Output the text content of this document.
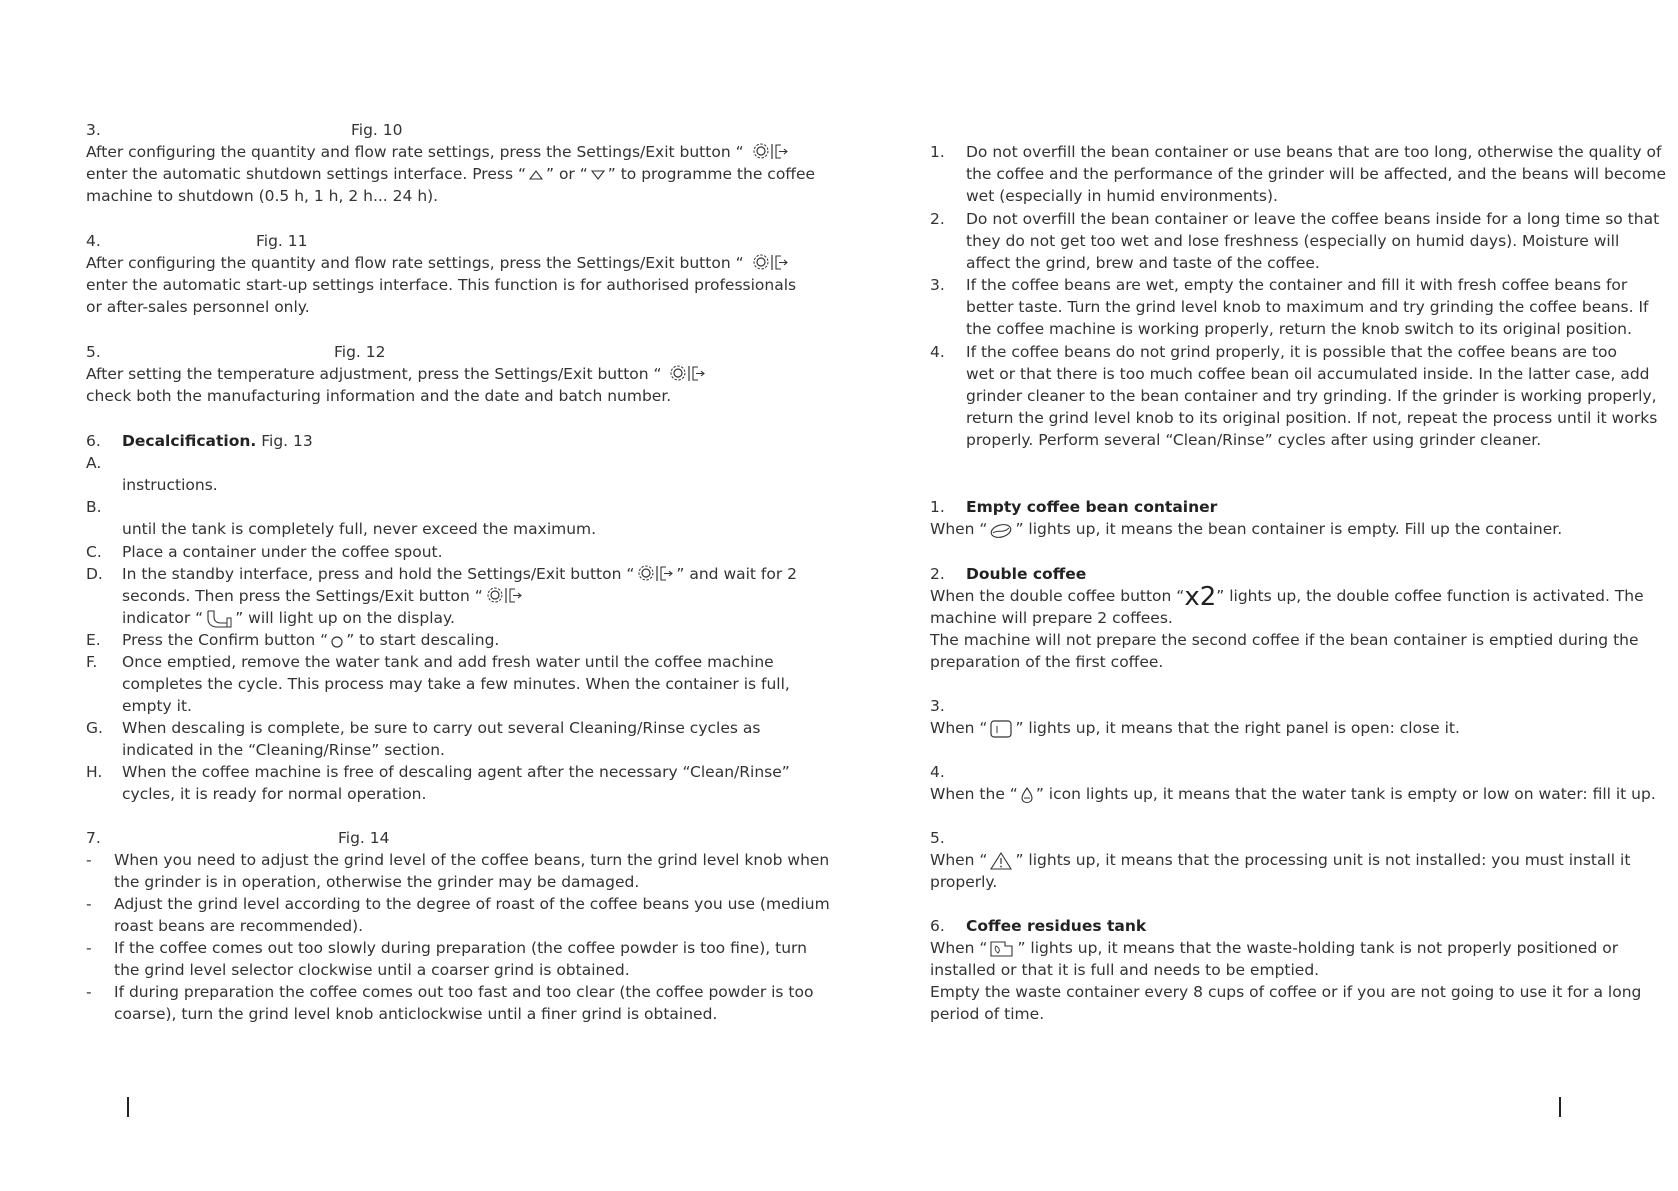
3.	Fig. 10
After configuring the quantity and flow rate settings, press the Settings/Exit button “
enter the automatic shutdown settings interface. Press “ ” or “ ” to programme the coffee
machine to shutdown (0.5 h, 1 h, 2 h... 24 h).
4.	Fig. 11
After configuring the quantity and flow rate settings, press the Settings/Exit button “
enter the automatic start-up settings interface. This function is for authorised professionals
or after-sales personnel only.
5.	Fig. 12
After setting the temperature adjustment, press the Settings/Exit button “
check both the manufacturing information and the date and batch number.
6. Decalcification. Fig. 13
A.
instructions.
B.
until the tank is completely full, never exceed the maximum.
C. Place a container under the coffee spout.
D. In the standby interface, press and hold the Settings/Exit button “	” and wait for 2
seconds. Then press the Settings/Exit button “
indicator “ ” will light up on the display.
E. Press the Confirm button “ ” to start descaling.
F. Once emptied, remove the water tank and add fresh water until the coffee machine
completes the cycle. This process may take a few minutes. When the container is full,
empty it.
G. When descaling is complete, be sure to carry out several Cleaning/Rinse cycles as
indicated in the “Cleaning/Rinse” section.
H. When the coffee machine is free of descaling agent after the necessary “Clean/Rinse”
cycles, it is ready for normal operation.
7.	Fig. 14
- When you need to adjust the grind level of the coffee beans, turn the grind level knob when
the grinder is in operation, otherwise the grinder may be damaged.
- Adjust the grind level according to the degree of roast of the coffee beans you use (medium
roast beans are recommended).
- If the coffee comes out too slowly during preparation (the coffee powder is too fine), turn
the grind level selector clockwise until a coarser grind is obtained.
- If during preparation the coffee comes out too fast and too clear (the coffee powder is too
coarse), turn the grind level knob anticlockwise until a finer grind is obtained.
1. Do not overfill the bean container or use beans that are too long, otherwise the quality of
the coffee and the performance of the grinder will be affected, and the beans will become
wet (especially in humid environments).
2. Do not overfill the bean container or leave the coffee beans inside for a long time so that
they do not get too wet and lose freshness (especially on humid days). Moisture will
affect the grind, brew and taste of the coffee.
3. If the coffee beans are wet, empty the container and fill it with fresh coffee beans for
better taste. Turn the grind level knob to maximum and try grinding the coffee beans. If
the coffee machine is working properly, return the knob switch to its original position.
4. If the coffee beans do not grind properly, it is possible that the coffee beans are too
wet or that there is too much coffee bean oil accumulated inside. In the latter case, add
grinder cleaner to the bean container and try grinding. If the grinder is working properly,
return the grind level knob to its original position. If not, repeat the process until it works
properly. Perform several “Clean/Rinse” cycles after using grinder cleaner.
1. Empty coffee bean container
When “ ” lights up, it means the bean container is empty. Fill up the container.
2. Double coffee
When the double coffee button “x2” lights up, the double coffee function is activated. The
machine will prepare 2 coffees.
The machine will not prepare the second coffee if the bean container is emptied during the
preparation of the first coffee.
3.
When “ ” lights up, it means that the right panel is open: close it.
4.
When the “ ” icon lights up, it means that the water tank is empty or low on water: fill it up.
5.
When “ ” lights up, it means that the processing unit is not installed: you must install it
properly.
6. Coffee residues tank
When “ ” lights up, it means that the waste-holding tank is not properly positioned or
installed or that it is full and needs to be emptied.
Empty the waste container every 8 cups of coffee or if you are not going to use it for a long
period of time.
